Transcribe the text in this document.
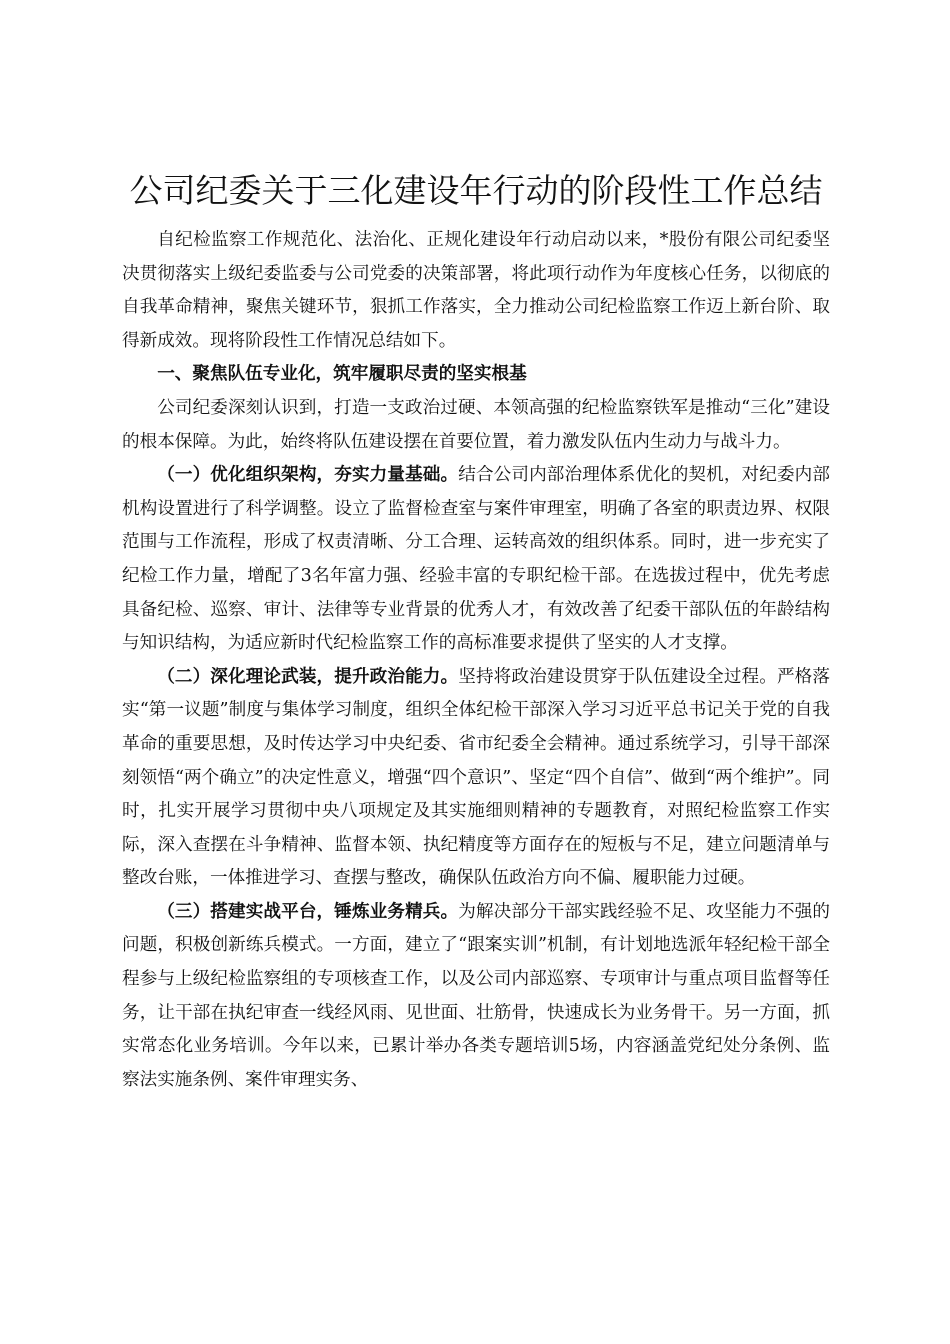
公司纪委关于三化建设年行动的阶段性工作总结

自纪检监察工作规范化、法治化、正规化建设年行动启动以来，*股份有限公司纪委坚决贯彻落实上级纪委监委与公司党委的决策部署，将此项行动作为年度核心任务，以彻底的自我革命精神，聚焦关键环节，狠抓工作落实，全力推动公司纪检监察工作迈上新台阶、取得新成效。现将阶段性工作情况总结如下。

一、聚焦队伍专业化，筑牢履职尽责的坚实根基

公司纪委深刻认识到，打造一支政治过硬、本领高强的纪检监察铁军是推动“三化”建设的根本保障。为此，始终将队伍建设摆在首要位置，着力激发队伍内生动力与战斗力。

（一）优化组织架构，夯实力量基础。结合公司内部治理体系优化的契机，对纪委内部机构设置进行了科学调整。设立了监督检查室与案件审理室，明确了各室的职责边界、权限范围与工作流程，形成了权责清晰、分工合理、运转高效的组织体系。同时，进一步充实了纪检工作力量，增配了3名年富力强、经验丰富的专职纪检干部。在选拔过程中，优先考虑具备纪检、巡察、审计、法律等专业背景的优秀人才，有效改善了纪委干部队伍的年龄结构与知识结构，为适应新时代纪检监察工作的高标准要求提供了坚实的人才支撑。

（二）深化理论武装，提升政治能力。坚持将政治建设贯穿于队伍建设全过程。严格落实“第一议题”制度与集体学习制度，组织全体纪检干部深入学习习近平总书记关于党的自我革命的重要思想，及时传达学习中央纪委、省市纪委全会精神。通过系统学习，引导干部深刻领悟“两个确立”的决定性意义，增强“四个意识”、坚定“四个自信”、做到“两个维护”。同时，扎实开展学习贯彻中央八项规定及其实施细则精神的专题教育，对照纪检监察工作实际，深入查摆在斗争精神、监督本领、执纪精度等方面存在的短板与不足，建立问题清单与整改台账，一体推进学习、查摆与整改，确保队伍政治方向不偏、履职能力过硬。

（三）搭建实战平台，锤炼业务精兵。为解决部分干部实践经验不足、攻坚能力不强的问题，积极创新练兵模式。一方面，建立了“跟案实训”机制，有计划地选派年轻纪检干部全程参与上级纪检监察组的专项核查工作，以及公司内部巡察、专项审计与重点项目监督等任务，让干部在执纪审查一线经风雨、见世面、壮筋骨，快速成长为业务骨干。另一方面，抓实常态化业务培训。今年以来，已累计举办各类专题培训5场，内容涵盖党纪处分条例、监察法实施条例、案件审理实务、
